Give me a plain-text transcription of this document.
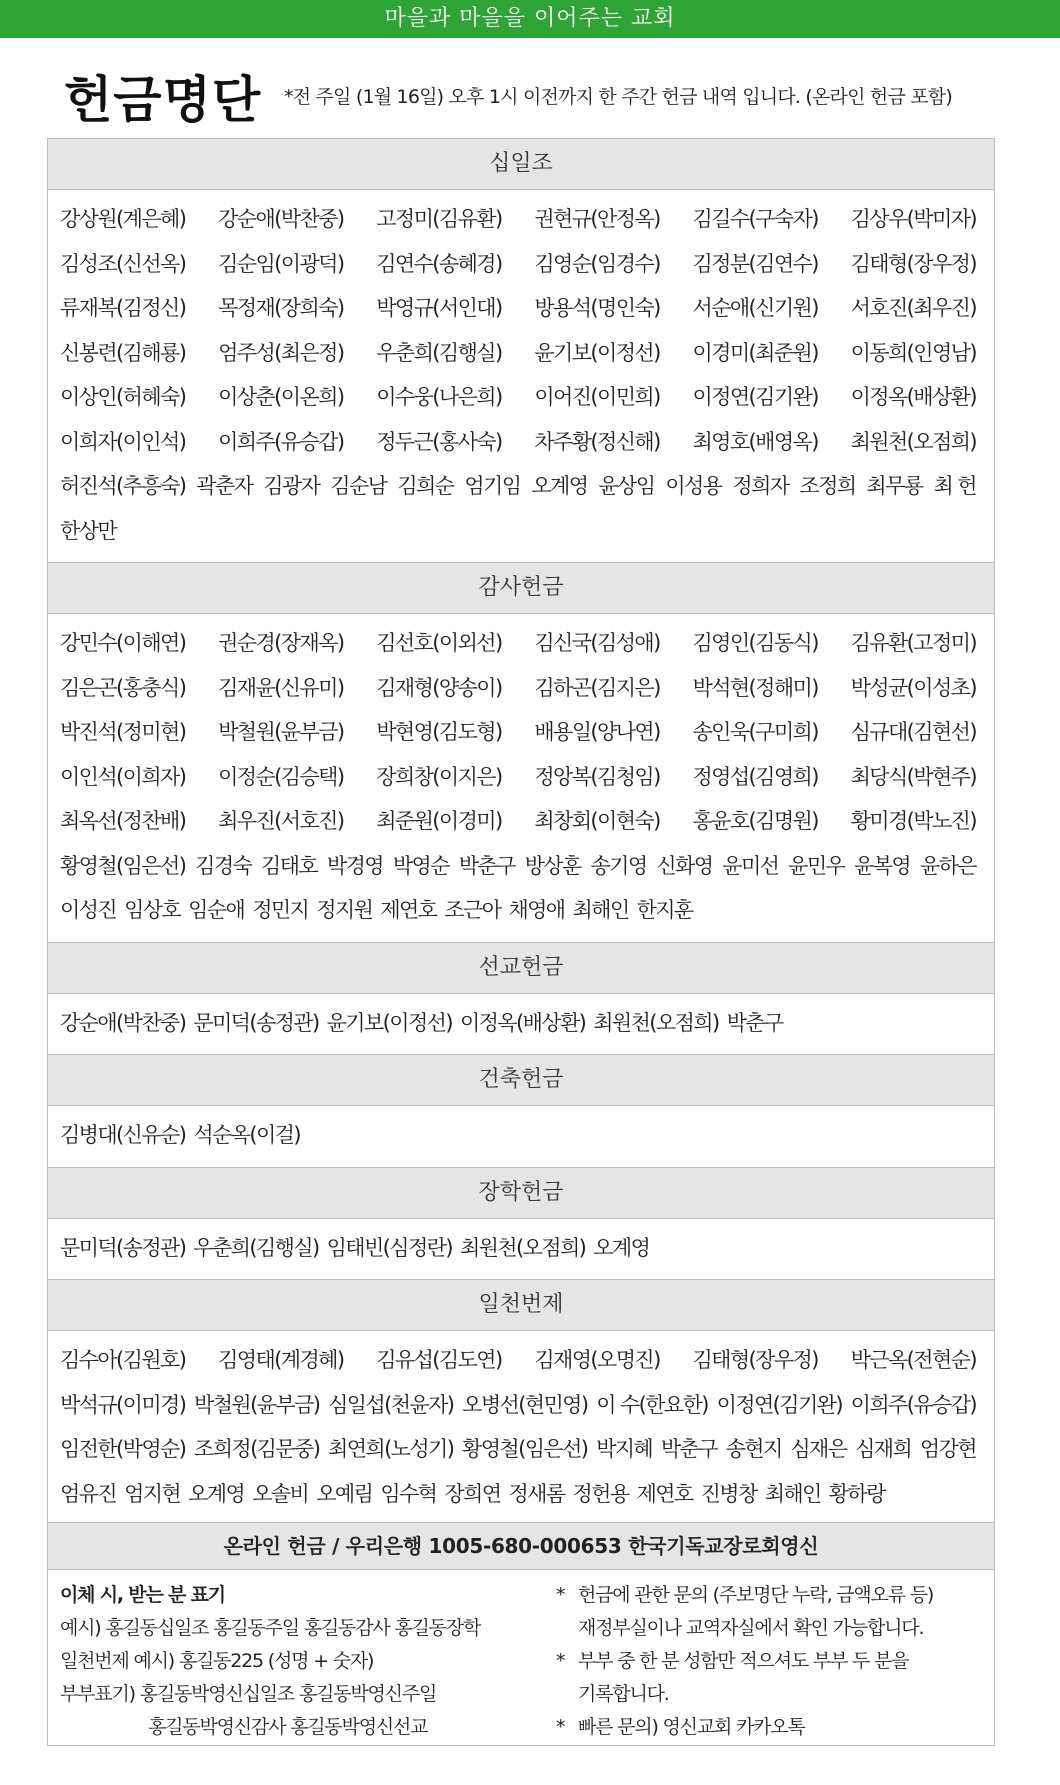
마을과 마을을 이어주는 교회
헌금명단 *전 주일 (1월 16일) 오후 1시 이전까지 한 주간 헌금 내역 입니다. (온라인 헌금 포함)
십일조
강상원(계은혜) 강순애(박찬중) 고정미(김유환) 권현규(안정옥) 김길수(구숙자) 김상우(박미자)
김성조(신선옥) 김순임(이광덕) 김연수(송혜경) 김영순(임경수) 김정분(김연수) 김태형(장우정)
류재복(김정신) 목정재(장희숙) 박영규(서인대) 방용석(명인숙) 서순애(신기원) 서호진(최우진)
신봉련(김해룡) 엄주성(최은정) 우춘희(김행실) 윤기보(이정선) 이경미(최준원) 이동희(인영남)
이상인(허혜숙) 이상춘(이온희) 이수웅(나은희) 이어진(이민희) 이정연(김기완) 이정옥(배상환)
이희자(이인석) 이희주(유승갑) 정두근(홍사숙) 차주황(정신해) 최영호(배영옥) 최원천(오점희)
허진석(추흥숙) 곽춘자 김광자 김순남 김희순 엄기임 오계영 윤상임 이성용 정희자 조정희 최무룡 최 헌
한상만
감사헌금
강민수(이해연) 권순경(장재옥) 김선호(이외선) 김신국(김성애) 김영인(김동식) 김유환(고정미)
김은곤(홍충식) 김재윤(신유미) 김재형(양송이) 김하곤(김지은) 박석현(정해미) 박성균(이성초)
박진석(정미현) 박철원(윤부금) 박현영(김도형) 배용일(양나연) 송인욱(구미희) 심규대(김현선)
이인석(이희자) 이정순(김승택) 장희창(이지은) 정앙복(김청임) 정영섭(김영희) 최당식(박현주)
최옥선(정찬배) 최우진(서호진) 최준원(이경미) 최창회(이현숙) 홍윤호(김명원) 황미경(박노진)
황영철(임은선) 김경숙 김태호 박경영 박영순 박춘구 방상훈 송기영 신화영 윤미선 윤민우 윤복영 윤하은
이성진 임상호 임순애 정민지 정지원 제연호 조근아 채영애 최해인 한지훈
선교헌금
강순애(박찬중) 문미덕(송정관) 윤기보(이정선) 이정옥(배상환) 최원천(오점희) 박춘구
건축헌금
김병대(신유순) 석순옥(이걸)
장학헌금
문미덕(송정관) 우춘희(김행실) 임태빈(심정란) 최원천(오점희) 오계영
일천번제
김수아(김원호) 김영태(계경혜) 김유섭(김도연) 김재영(오명진) 김태형(장우정) 박근옥(전현순)
박석규(이미경) 박철원(윤부금) 심일섭(천윤자) 오병선(현민영) 이 수(한요한) 이정연(김기완) 이희주(유승갑)
임전한(박영순) 조희정(김문중) 최연희(노성기) 황영철(임은선) 박지혜 박춘구 송현지 심재은 심재희 엄강현
엄유진 엄지현 오계영 오솔비 오예림 임수혁 장희연 정새롬 정헌용 제연호 진병창 최해인 황하랑
온라인 헌금 / 우리은행 1005-680-000653 한국기독교장로회영신
이체 시, 받는 분 표기
예시) 홍길동십일조 홍길동주일 홍길동감사 홍길동장학
일천번제 예시) 홍길동225 (성명 + 숫자)
부부표기) 홍길동박영신십일조 홍길동박영신주일
홍길동박영신감사 홍길동박영신선교
* 헌금에 관한 문의 (주보명단 누락, 금액오류 등)
재정부실이나 교역자실에서 확인 가능합니다.
* 부부 중 한 분 성함만 적으셔도 부부 두 분을
기록합니다.
* 빠른 문의) 영신교회 카카오톡
